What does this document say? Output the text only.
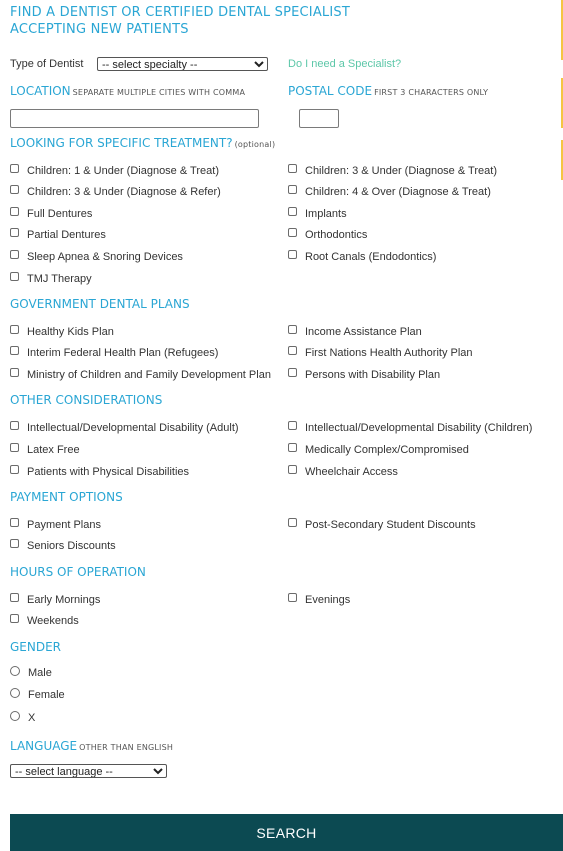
FIND A DENTIST OR CERTIFIED DENTAL SPECIALIST
ACCEPTING NEW PATIENTS
Type of Dentist
-- select specialty --	Do I need a Specialist?
LOCATION SEPARATE MULTIPLE CITIES WITH COMMA	POSTAL CODE FIRST 3 CHARACTERS ONLY
LOOKING FOR SPECIFIC TREATMENT? (optional)
Children: 1 & Under (Diagnose & Treat)	Children: 3 & Under (Diagnose & Treat)
Children: 3 & Under (Diagnose & Refer)	Children: 4 & Over (Diagnose & Treat)
Full Dentures	Implants
Partial Dentures	Orthodontics
Sleep Apnea & Snoring Devices	Root Canals (Endodontics)
TMJ Therapy
GOVERNMENT DENTAL PLANS
Healthy Kids Plan	Income Assistance Plan
Interim Federal Health Plan (Refugees)	First Nations Health Authority Plan
Ministry of Children and Family Development Plan	Persons with Disability Plan
OTHER CONSIDERATIONS
Intellectual/Developmental Disability (Adult)	Intellectual/Developmental Disability (Children)
Latex Free	Medically Complex/Compromised
Patients with Physical Disabilities	Wheelchair Access
PAYMENT OPTIONS
Payment Plans	Post-Secondary Student Discounts
Seniors Discounts
HOURS OF OPERATION
Early Mornings	Evenings
Weekends
GENDER
Male
Female
X
LANGUAGE OTHER THAN ENGLISH
-- select language --
SEARCH
